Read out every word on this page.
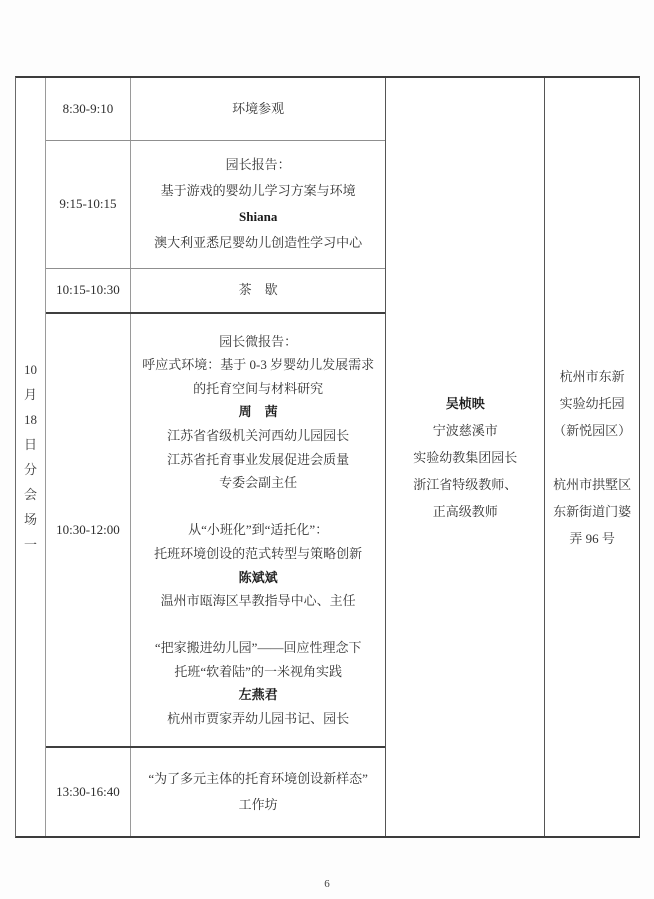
10
月
18
日
分
会
场
一
8:30-9:10	环境参观
9:15-10:15
园长报告：
基于游戏的婴幼儿学习方案与环境
Shiana
澳大利亚悉尼婴幼儿创造性学习中心
10:15-10:30	茶　歇
10:30-12:00
园长微报告：
呼应式环境：基于 0-3 岁婴幼儿发展需求
的托育空间与材料研究
周　茜
江苏省省级机关河西幼儿园园长
江苏省托育事业发展促进会质量
专委会副主任

从“小班化”到“适托化”：
托班环境创设的范式转型与策略创新
陈斌斌
温州市瓯海区早教指导中心、主任

“把家搬进幼儿园”——回应性理念下
托班“软着陆”的一米视角实践
左燕君
杭州市贾家弄幼儿园书记、园长
13:30-16:40
“为了多元主体的托育环境创设新样态”
工作坊
吴桢映
宁波慈溪市
实验幼教集团园长
浙江省特级教师、
正高级教师
杭州市东新
实验幼托园
（新悦园区）

杭州市拱墅区
东新街道门婆
弄 96 号
6
